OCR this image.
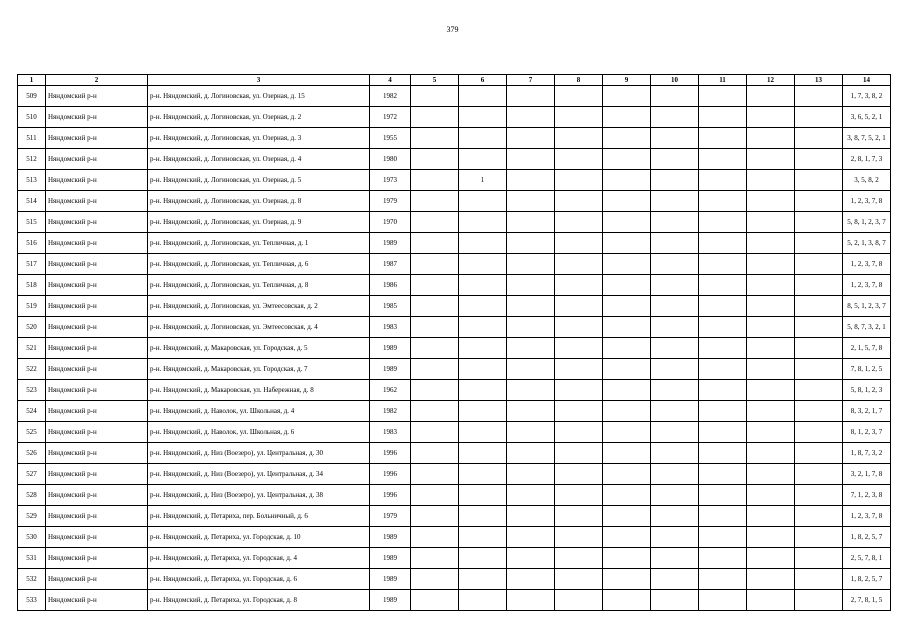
379
1	2	3	4	5	6	7	8	9	10	11	12	13	14
509	Няндомский р-н	р-н. Няндомский, д. Логиновская, ул. Озерная, д. 15	1982										1, 7, 3, 8, 2
510	Няндомский р-н	р-н. Няндомский, д. Логиновская, ул. Озерная, д. 2	1972										3, 6, 5, 2, 1
511	Няндомский р-н	р-н. Няндомский, д. Логиновская, ул. Озерная, д. 3	1955										3, 8, 7, 5, 2, 1
512	Няндомский р-н	р-н. Няндомский, д. Логиновская, ул. Озерная, д. 4	1980										2, 8, 1, 7, 3
513	Няндомский р-н	р-н. Няндомский, д. Логиновская, ул. Озерная, д. 5	1973		1								3, 5, 8, 2
514	Няндомский р-н	р-н. Няндомский, д. Логиновская, ул. Озерная, д. 8	1979										1, 2, 3, 7, 8
515	Няндомский р-н	р-н. Няндомский, д. Логиновская, ул. Озерная, д. 9	1970										5, 8, 1, 2, 3, 7
516	Няндомский р-н	р-н. Няндомский, д. Логиновская, ул. Тепличная, д. 1	1989										5, 2, 1, 3, 8, 7
517	Няндомский р-н	р-н. Няндомский, д. Логиновская, ул. Тепличная, д. 6	1987										1, 2, 3, 7, 8
518	Няндомский р-н	р-н. Няндомский, д. Логиновская, ул. Тепличная, д. 8	1986										1, 2, 3, 7, 8
519	Няндомский р-н	р-н. Няндомский, д. Логиновская, ул. Эмтеесовская, д. 2	1985										8, 5, 1, 2, 3, 7
520	Няндомский р-н	р-н. Няндомский, д. Логиновская, ул. Эмтеесовская, д. 4	1983										5, 8, 7, 3, 2, 1
521	Няндомский р-н	р-н. Няндомский, д. Макаровская, ул. Городская, д. 5	1989										2, 1, 5, 7, 8
522	Няндомский р-н	р-н. Няндомский, д. Макаровская, ул. Городская, д. 7	1989										7, 8, 1, 2, 5
523	Няндомский р-н	р-н. Няндомский, д. Макаровская, ул. Набережная, д. 8	1962										5, 8, 1, 2, 3
524	Няндомский р-н	р-н. Няндомский, д. Наволок, ул. Школьная, д. 4	1982										8, 3, 2, 1, 7
525	Няндомский р-н	р-н. Няндомский, д. Наволок, ул. Школьная, д. 6	1983										8, 1, 2, 3, 7
526	Няндомский р-н	р-н. Няндомский, д. Низ (Воезеро), ул. Центральная, д. 30	1996										1, 8, 7, 3, 2
527	Няндомский р-н	р-н. Няндомский, д. Низ (Воезеро), ул. Центральная, д. 34	1996										3, 2, 1, 7, 8
528	Няндомский р-н	р-н. Няндомский, д. Низ (Воезеро), ул. Центральная, д. 38	1996										7, 1, 2, 3, 8
529	Няндомский р-н	р-н. Няндомский, д. Петариха, пер. Больничный, д. 6	1979										1, 2, 3, 7, 8
530	Няндомский р-н	р-н. Няндомский, д. Петариха, ул. Городская, д. 10	1989										1, 8, 2, 5, 7
531	Няндомский р-н	р-н. Няндомский, д. Петариха, ул. Городская, д. 4	1989										2, 5, 7, 8, 1
532	Няндомский р-н	р-н. Няндомский, д. Петариха, ул. Городская, д. 6	1989										1, 8, 2, 5, 7
533	Няндомский р-н	р-н. Няндомский, д. Петариха, ул. Городская, д. 8	1989										2, 7, 8, 1, 5
